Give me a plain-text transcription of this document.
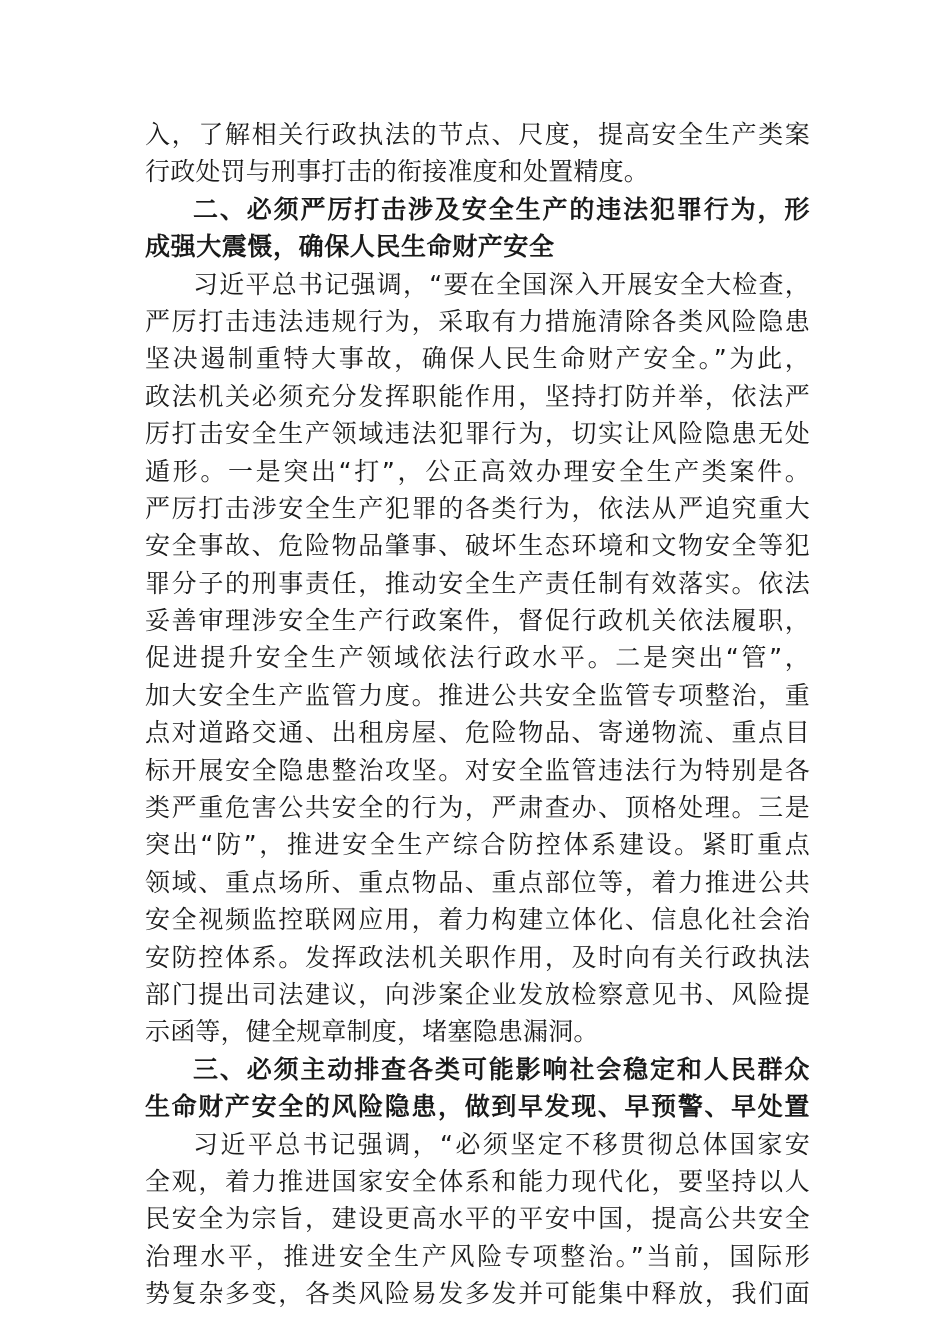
入，了解相关行政执法的节点、尺度，提高安全生产类案
行政处罚与刑事打击的衔接准度和处置精度。
二、必须严厉打击涉及安全生产的违法犯罪行为，形
成强大震慑，确保人民生命财产安全
习近平总书记强调，“要在全国深入开展安全大检查，
严厉打击违法违规行为，采取有力措施清除各类风险隐患
坚决遏制重特大事故，确保人民生命财产安全。”为此，
政法机关必须充分发挥职能作用，坚持打防并举，依法严
厉打击安全生产领域违法犯罪行为，切实让风险隐患无处
遁形。一是突出“打”，公正高效办理安全生产类案件。
严厉打击涉安全生产犯罪的各类行为，依法从严追究重大
安全事故、危险物品肇事、破坏生态环境和文物安全等犯
罪分子的刑事责任，推动安全生产责任制有效落实。依法
妥善审理涉安全生产行政案件，督促行政机关依法履职，
促进提升安全生产领域依法行政水平。二是突出“管”，
加大安全生产监管力度。推进公共安全监管专项整治，重
点对道路交通、出租房屋、危险物品、寄递物流、重点目
标开展安全隐患整治攻坚。对安全监管违法行为特别是各
类严重危害公共安全的行为，严肃查办、顶格处理。三是
突出“防”，推进安全生产综合防控体系建设。紧盯重点
领域、重点场所、重点物品、重点部位等，着力推进公共
安全视频监控联网应用，着力构建立体化、信息化社会治
安防控体系。发挥政法机关职作用，及时向有关行政执法
部门提出司法建议，向涉案企业发放检察意见书、风险提
示函等，健全规章制度，堵塞隐患漏洞。
三、必须主动排查各类可能影响社会稳定和人民群众
生命财产安全的风险隐患，做到早发现、早预警、早处置
习近平总书记强调，“必须坚定不移贯彻总体国家安
全观，着力推进国家安全体系和能力现代化，要坚持以人
民安全为宗旨，建设更高水平的平安中国，提高公共安全
治理水平，推进安全生产风险专项整治。”当前，国际形
势复杂多变，各类风险易发多发并可能集中释放，我们面
